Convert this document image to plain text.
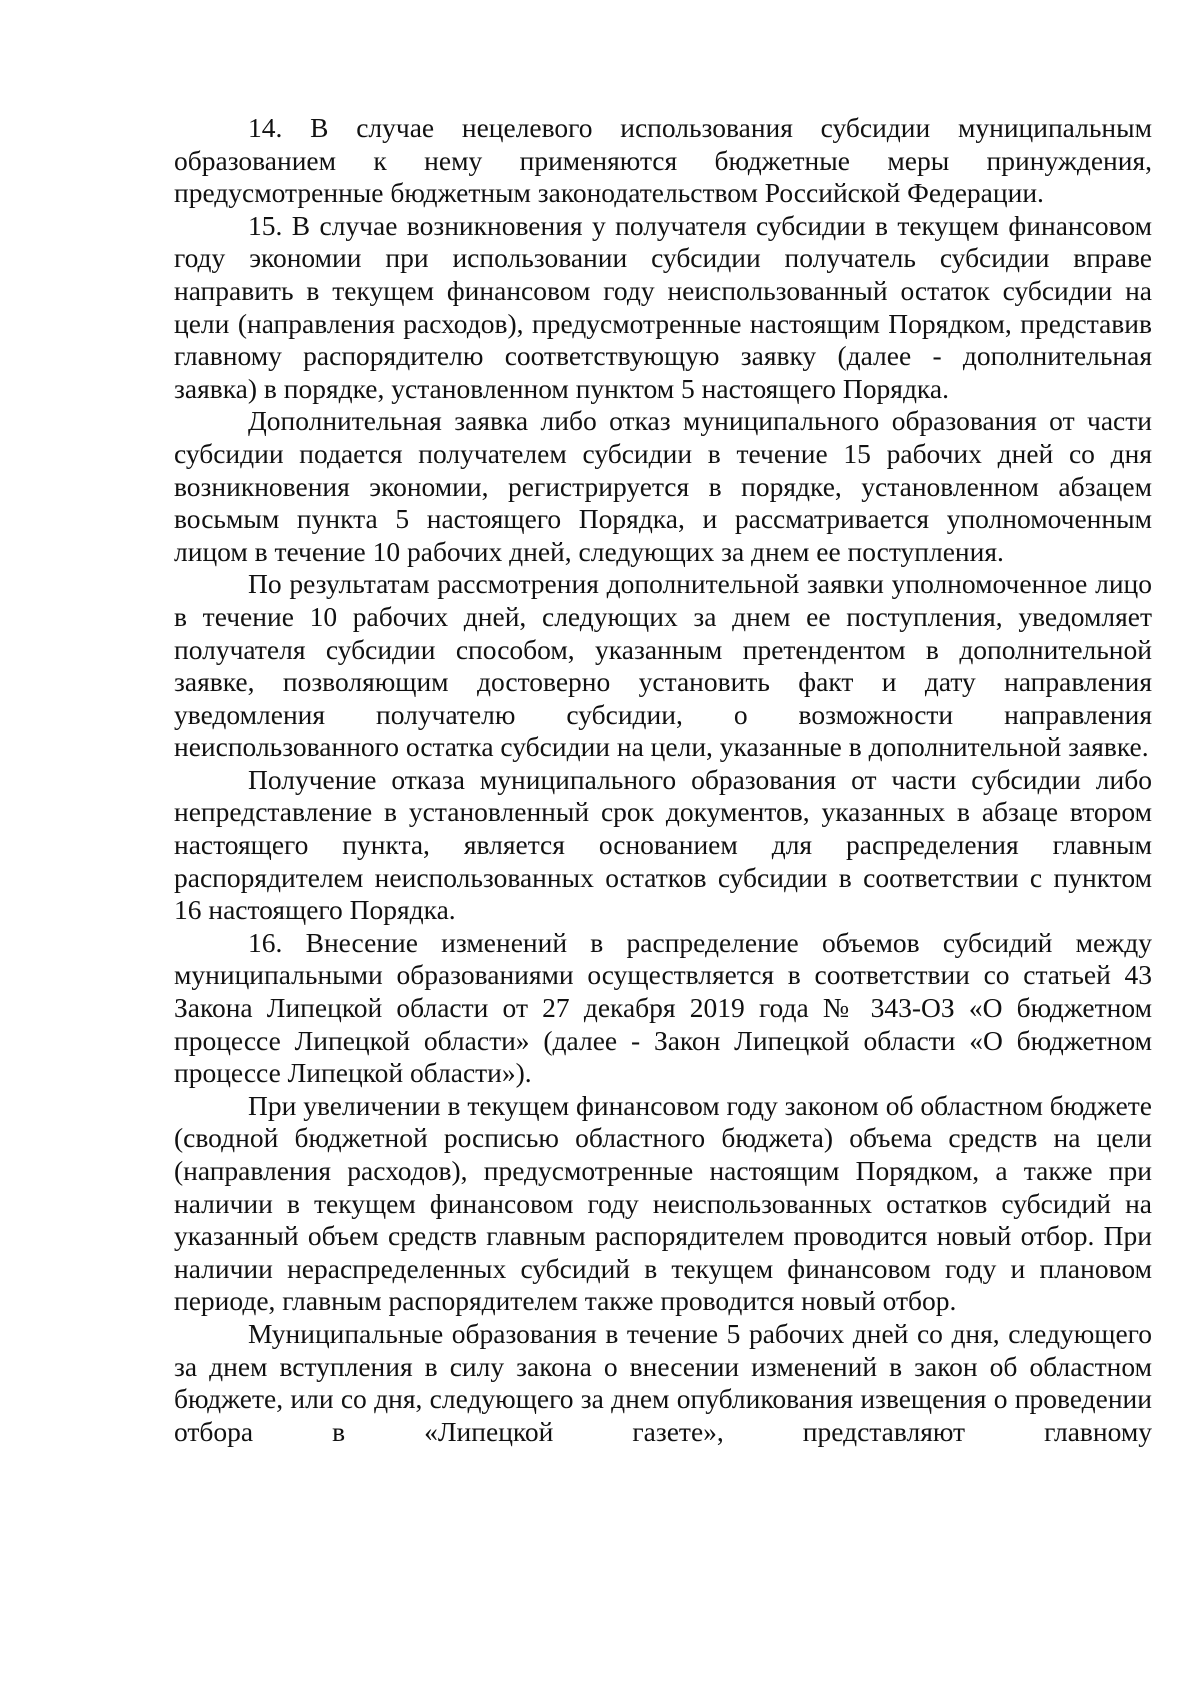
14. В случае нецелевого использования субсидии муниципальным образованием к нему применяются бюджетные меры принуждения, предусмотренные бюджетным законодательством Российской Федерации.

15. В случае возникновения у получателя субсидии в текущем финансовом году экономии при использовании субсидии получатель субсидии вправе направить в текущем финансовом году неиспользованный остаток субсидии на цели (направления расходов), предусмотренные настоящим Порядком, представив главному распорядителю соответствующую заявку (далее - дополнительная заявка) в порядке, установленном пунктом 5 настоящего Порядка.

Дополнительная заявка либо отказ муниципального образования от части субсидии подается получателем субсидии в течение 15 рабочих дней со дня возникновения экономии, регистрируется в порядке, установленном абзацем восьмым пункта 5 настоящего Порядка, и рассматривается уполномоченным лицом в течение 10 рабочих дней, следующих за днем ее поступления.

По результатам рассмотрения дополнительной заявки уполномоченное лицо в течение 10 рабочих дней, следующих за днем ее поступления, уведомляет получателя субсидии способом, указанным претендентом в дополнительной заявке, позволяющим достоверно установить факт и дату направления уведомления получателю субсидии, о возможности направления неиспользованного остатка субсидии на цели, указанные в дополнительной заявке.

Получение отказа муниципального образования от части субсидии либо непредставление в установленный срок документов, указанных в абзаце втором настоящего пункта, является основанием для распределения главным распорядителем неиспользованных остатков субсидии в соответствии с пунктом 16 настоящего Порядка.

16. Внесение изменений в распределение объемов субсидий между муниципальными образованиями осуществляется в соответствии со статьей 43 Закона Липецкой области от 27 декабря 2019 года № 343-ОЗ «О бюджетном процессе Липецкой области» (далее - Закон Липецкой области «О бюджетном процессе Липецкой области»).

При увеличении в текущем финансовом году законом об областном бюджете (сводной бюджетной росписью областного бюджета) объема средств на цели (направления расходов), предусмотренные настоящим Порядком, а также при наличии в текущем финансовом году неиспользованных остатков субсидий на указанный объем средств главным распорядителем проводится новый отбор. При наличии нераспределенных субсидий в текущем финансовом году и плановом периоде, главным распорядителем также проводится новый отбор.

Муниципальные образования в течение 5 рабочих дней со дня, следующего за днем вступления в силу закона о внесении изменений в закон об областном бюджете, или со дня, следующего за днем опубликования извещения о проведении отбора в «Липецкой газете», представляют главному
